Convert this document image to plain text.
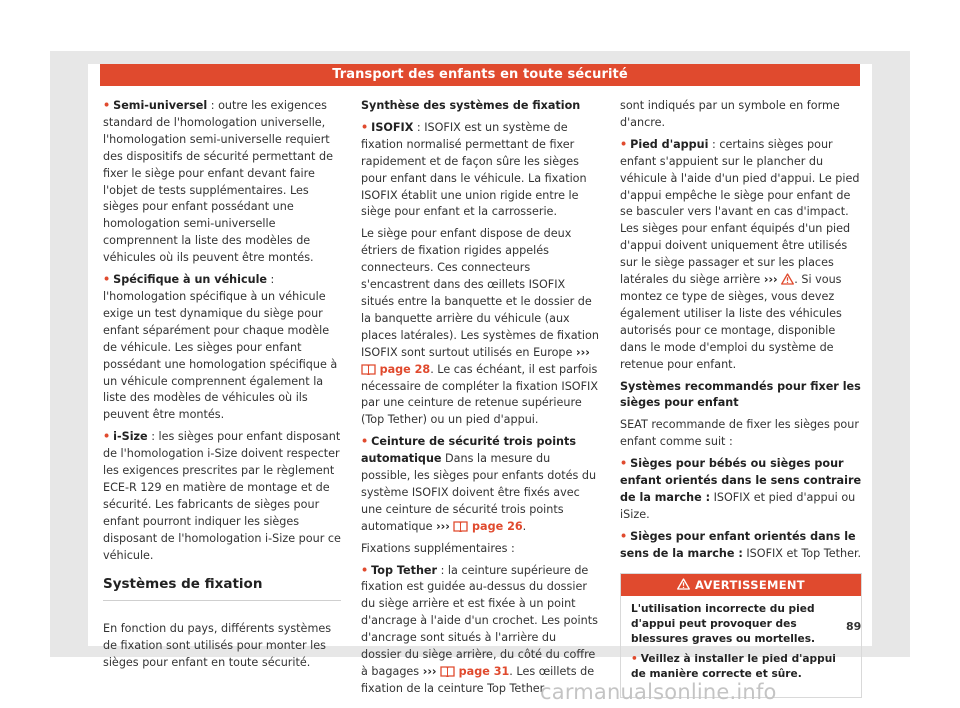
Transport des enfants en toute sécurité

• Semi-universel : outre les exigences standard de l'homologation universelle, l'homologation semi-universelle requiert des dispositifs de sécurité permettant de fixer le siège pour enfant devant faire l'objet de tests supplémentaires. Les sièges pour enfant possédant une homologation semi-universelle comprennent la liste des modèles de véhicules où ils peuvent être montés.

• Spécifique à un véhicule : l'homologation spécifique à un véhicule exige un test dynamique du siège pour enfant séparément pour chaque modèle de véhicule. Les sièges pour enfant possédant une homologation spécifique à un véhicule comprennent également la liste des modèles de véhicules où ils peuvent être montés.

• i-Size : les sièges pour enfant disposant de l'homologation i-Size doivent respecter les exigences prescrites par le règlement ECE-R 129 en matière de montage et de sécurité. Les fabricants de sièges pour enfant pourront indiquer les sièges disposant de l'homologation i-Size pour ce véhicule.

Systèmes de fixation

En fonction du pays, différents systèmes de fixation sont utilisés pour monter les sièges pour enfant en toute sécurité.

Synthèse des systèmes de fixation

• ISOFIX : ISOFIX est un système de fixation normalisé permettant de fixer rapidement et de façon sûre les sièges pour enfant dans le véhicule. La fixation ISOFIX établit une union rigide entre le siège pour enfant et la carrosserie.

Le siège pour enfant dispose de deux étriers de fixation rigides appelés connecteurs. Ces connecteurs s'encastrent dans des œillets ISOFIX situés entre la banquette et le dossier de la banquette arrière du véhicule (aux places latérales). Les systèmes de fixation ISOFIX sont surtout utilisés en Europe ›››  page 28. Le cas échéant, il est parfois nécessaire de compléter la fixation ISOFIX par une ceinture de retenue supérieure (Top Tether) ou un pied d'appui.

• Ceinture de sécurité trois points automatique Dans la mesure du possible, les sièges pour enfants dotés du système ISOFIX doivent être fixés avec une ceinture de sécurité trois points automatique ››› page 26.

Fixations supplémentaires :

• Top Tether : la ceinture supérieure de fixation est guidée au-dessus du dossier du siège arrière et est fixée à un point d'ancrage à l'aide d'un crochet. Les points d'ancrage sont situés à l'arrière du dossier du siège arrière, du côté du coffre à bagages ››› page 31. Les œillets de fixation de la ceinture Top Tether

sont indiqués par un symbole en forme d'ancre.

• Pied d'appui : certains sièges pour enfant s'appuient sur le plancher du véhicule à l'aide d'un pied d'appui. Le pied d'appui empêche le siège pour enfant de se basculer vers l'avant en cas d'impact. Les sièges pour enfant équipés d'un pied d'appui doivent uniquement être utilisés sur le siège passager et sur les places latérales du siège arrière ››› . Si vous montez ce type de sièges, vous devez également utiliser la liste des véhicules autorisés pour ce montage, disponible dans le mode d'emploi du système de retenue pour enfant.

Systèmes recommandés pour fixer les sièges pour enfant

SEAT recommande de fixer les sièges pour enfant comme suit :

• Sièges pour bébés ou sièges pour enfant orientés dans le sens contraire de la marche : ISOFIX et pied d'appui ou iSize.

• Sièges pour enfant orientés dans le sens de la marche : ISOFIX et Top Tether.

AVERTISSEMENT

L'utilisation incorrecte du pied d'appui peut provoquer des blessures graves ou mortelles.

• Veillez à installer le pied d'appui de manière correcte et sûre.

89
carmanualsonline.info
